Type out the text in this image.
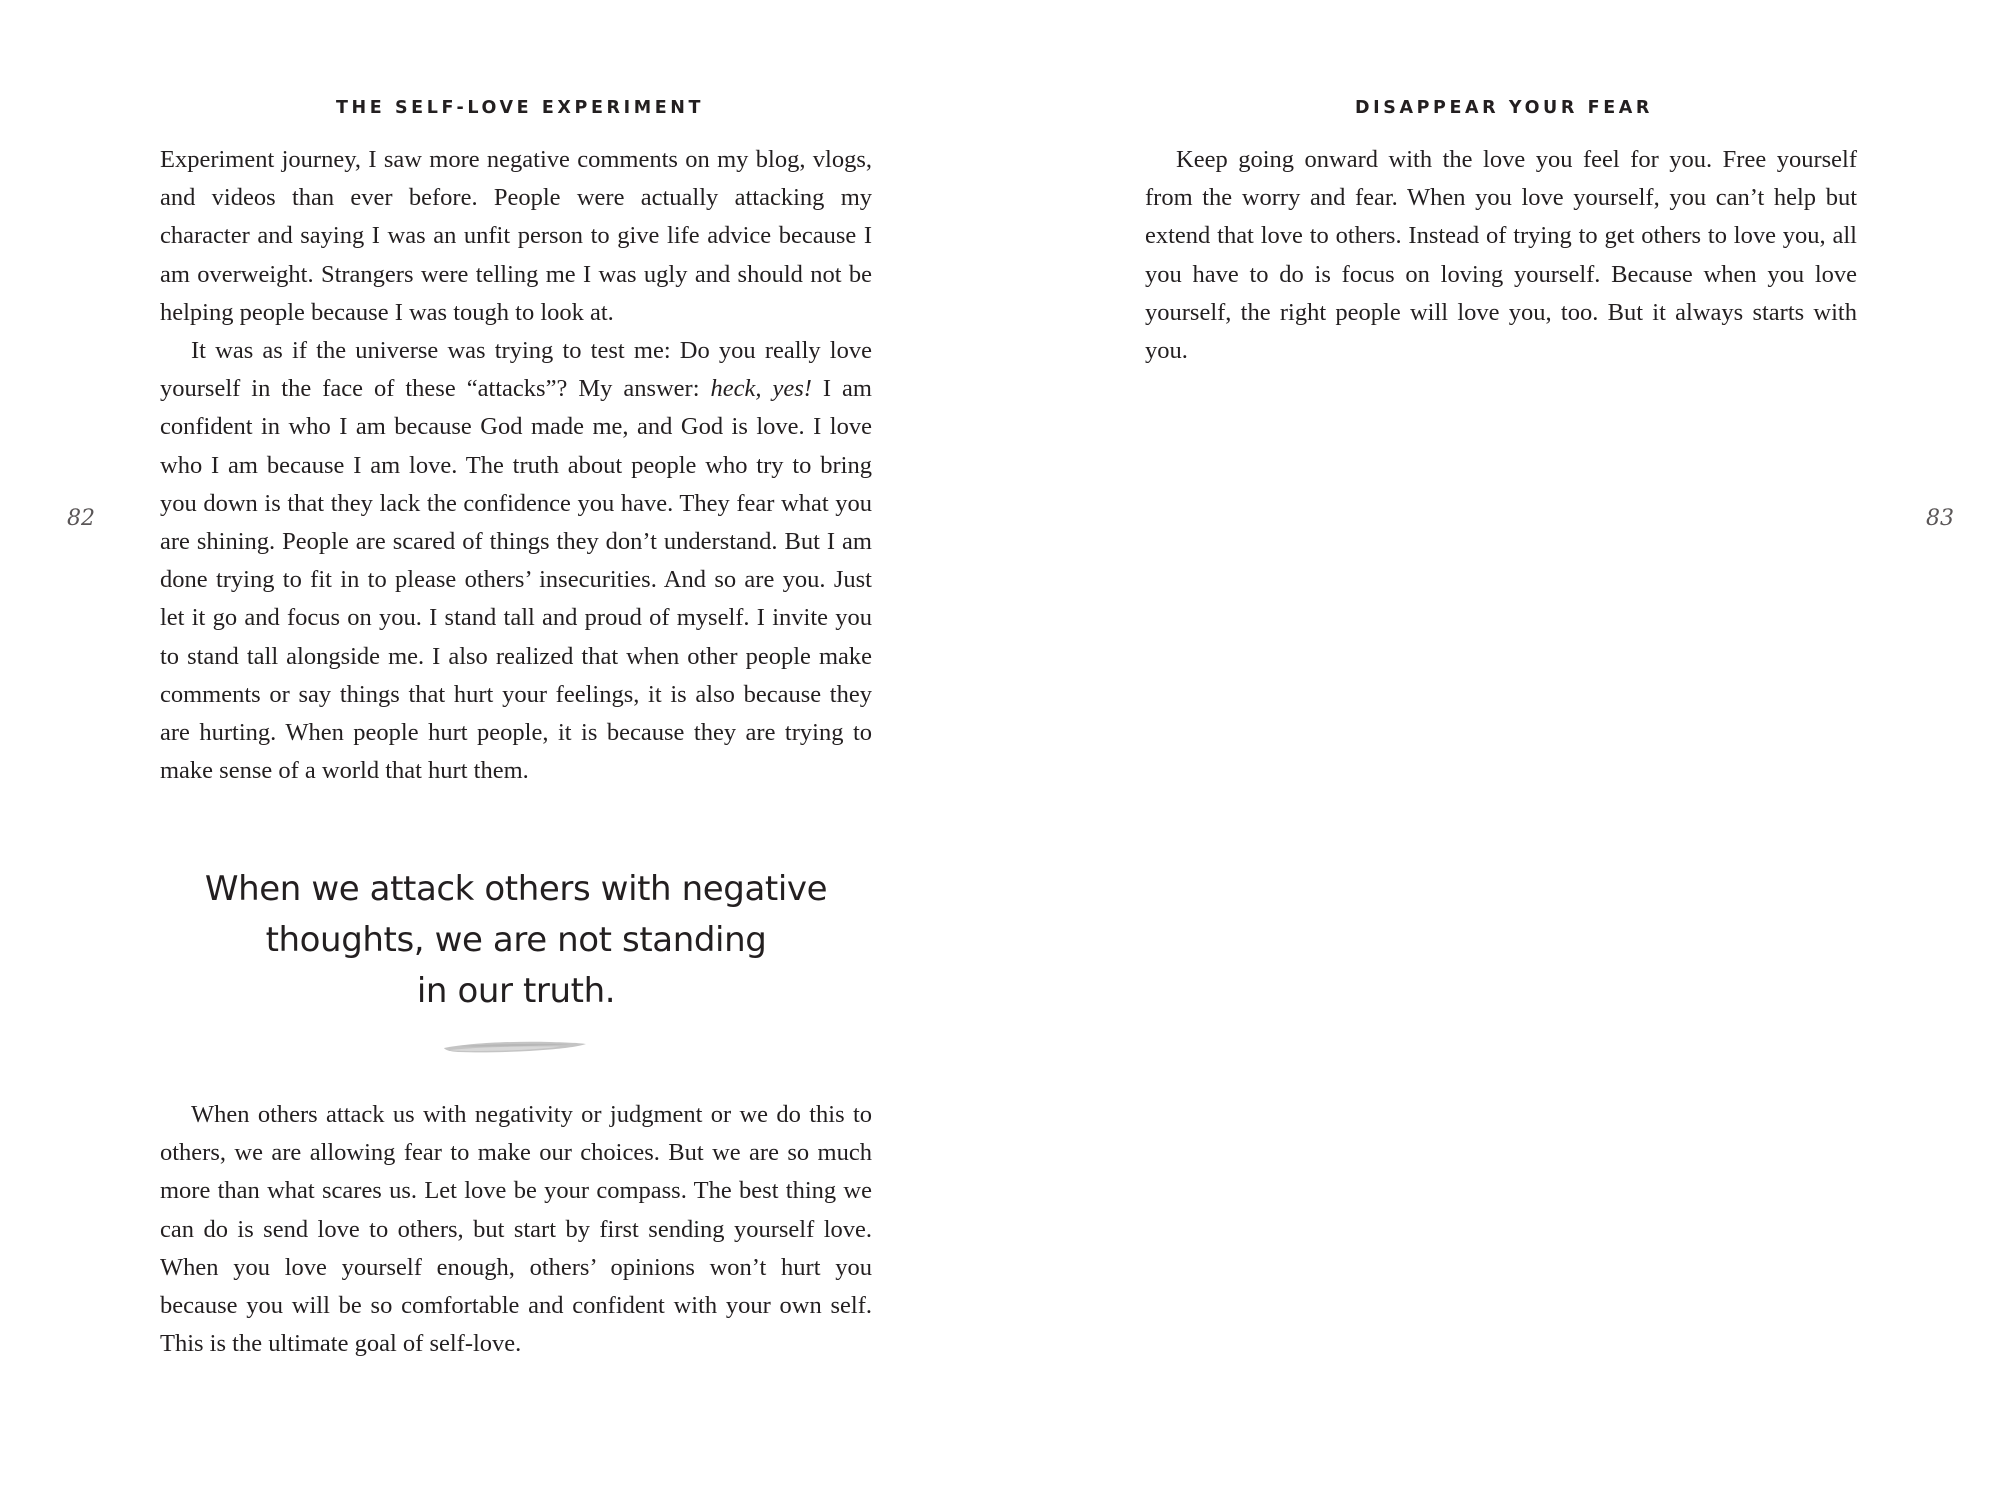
THE SELF-LOVE EXPERIMENT
82

Experiment journey, I saw more negative comments on my blog, vlogs, and videos than ever before. People were actually attacking my character and saying I was an unfit person to give life advice because I am overweight. Strangers were telling me I was ugly and should not be helping people because I was tough to look at.

It was as if the universe was trying to test me: Do you really love yourself in the face of these “attacks”? My answer: heck, yes! I am confident in who I am because God made me, and God is love. I love who I am because I am love. The truth about people who try to bring you down is that they lack the confidence you have. They fear what you are shining. People are scared of things they don’t understand. But I am done trying to fit in to please others’ insecurities. And so are you. Just let it go and focus on you. I stand tall and proud of myself. I invite you to stand tall alongside me. I also realized that when other people make comments or say things that hurt your feelings, it is also because they are hurting. When people hurt people, it is because they are trying to make sense of a world that hurt them.

When we attack others with negative
thoughts, we are not standing
in our truth.

When others attack us with negativity or judgment or we do this to others, we are allowing fear to make our choices. But we are so much more than what scares us. Let love be your compass. The best thing we can do is send love to others, but start by first sending yourself love. When you love yourself enough, others’ opinions won’t hurt you because you will be so comfortable and confident with your own self. This is the ultimate goal of self-love.

DISAPPEAR YOUR FEAR
83

Keep going onward with the love you feel for you. Free yourself from the worry and fear. When you love yourself, you can’t help but extend that love to others. Instead of trying to get others to love you, all you have to do is focus on loving yourself. Because when you love yourself, the right people will love you, too. But it always starts with you.
